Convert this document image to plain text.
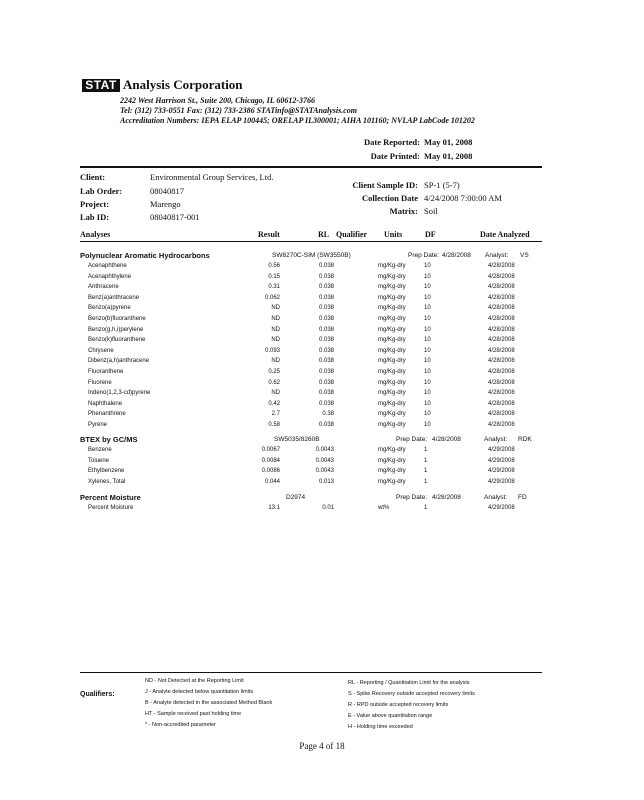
STAT Analysis Corporation
2242 West Harrison St., Suite 200, Chicago, IL 60612-3766
Tel: (312) 733-0551 Fax: (312) 733-2386 STATinfo@STATAnalysis.com
Accreditation Numbers: IEPA ELAP 100445; ORELAP IL300001; AIHA 101160; NVLAP LabCode 101202
Date Reported: May 01, 2008
Date Printed: May 01, 2008
Client:	Environmental Group Services, Ltd.
Lab Order:	08040817
Project:	Marengo
Lab ID:	08040817-001
Client Sample ID: SP-1 (5-7)
Collection Date 4/24/2008 7:00:00 AM
Matrix: Soil
Analyses	Result	RL Qualifier Units	DF	Date Analyzed
Polynuclear Aromatic Hydrocarbons	SW8270C-SIM (SW3550B)	Prep Date: 4/28/2008 Analyst: VS
Acenaphthene	0.56	0.038	mg/Kg-dry	10	4/28/2008
Acenaphthylene	0.15	0.038	mg/Kg-dry	10	4/28/2008
Anthracene	0.31	0.038	mg/Kg-dry	10	4/28/2008
Benz(a)anthracene	0.062	0.038	mg/Kg-dry	10	4/28/2008
Benzo(a)pyrene	ND	0.038	mg/Kg-dry	10	4/28/2008
Benzo(b)fluoranthene	ND	0.038	mg/Kg-dry	10	4/28/2008
Benzo(g,h,i)perylene	ND	0.038	mg/Kg-dry	10	4/28/2008
Benzo(k)fluoranthene	ND	0.038	mg/Kg-dry	10	4/28/2008
Chrysene	0.093	0.038	mg/Kg-dry	10	4/28/2008
Dibenz(a,h)anthracene	ND	0.038	mg/Kg-dry	10	4/28/2008
Fluoranthene	0.25	0.038	mg/Kg-dry	10	4/28/2008
Fluorene	0.62	0.038	mg/Kg-dry	10	4/28/2008
Indeno(1,2,3-cd)pyrene	ND	0.038	mg/Kg-dry	10	4/28/2008
Naphthalene	0.42	0.038	mg/Kg-dry	10	4/28/2008
Phenanthrene	2.7	0.38	mg/Kg-dry	10	4/28/2008
Pyrene	0.58	0.038	mg/Kg-dry	10	4/28/2008
BTEX by GC/MS	SW5035/8260B	Prep Date: 4/28/2008	Analyst: RDK
Benzene	0.0067	0.0043	mg/Kg-dry	1	4/29/2008
Toluene	0.0084	0.0043	mg/Kg-dry	1	4/29/2008
Ethylbenzene	0.0086	0.0043	mg/Kg-dry	1	4/29/2008
Xylenes, Total	0.044	0.013	mg/Kg-dry	1	4/29/2008
Percent Moisture	D2974	Prep Date: 4/28/2008	Analyst: FD
Percent Moisture	13.1	0.01	wt%	1	4/29/2008
Qualifiers:
ND - Not Detected at the Reporting Limit
J - Analyte detected below quantitation limits
B - Analyte detected in the associated Method Blank
HT - Sample received past holding time
* - Non-accredited parameter
RL - Reporting / Quantitation Limit for the analysis
S - Spike Recovery outside accepted recovery limits
R - RPD outside accepted recovery limits
E - Value above quantitation range
H - Holding time exceeded
Page 4 of 18
